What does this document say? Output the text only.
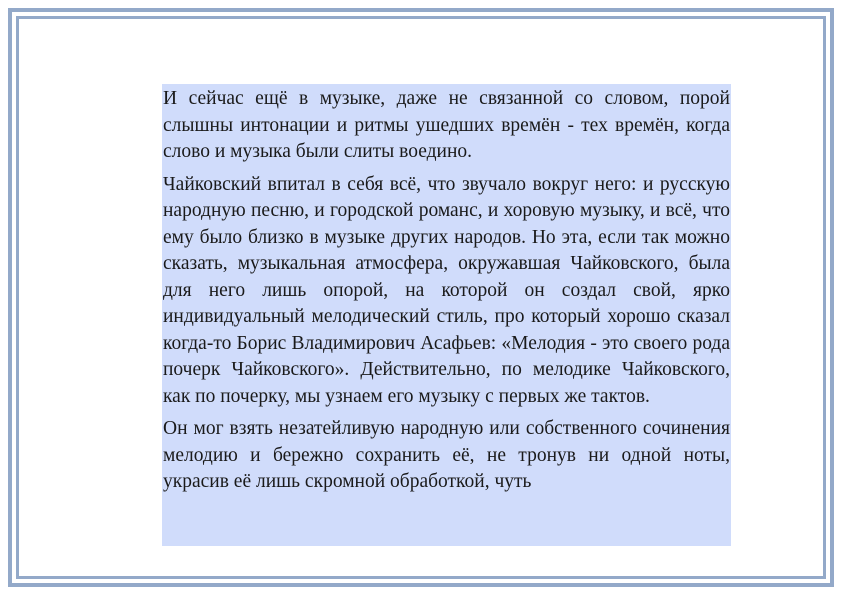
И сейчас ещё в музыке, даже не связанной со словом, порой слышны интонации и ритмы ушедших времён - тех времён, когда слово и музыка были слиты воедино.

Чайковский впитал в себя всё, что звучало вокруг него: и русскую народную песню, и городской романс, и хоровую музыку, и всё, что ему было близко в музыке других народов. Но эта, если так можно сказать, музыкальная атмосфера, окружавшая Чайковского, была для него лишь опорой, на которой он создал свой, ярко индивидуальный мелодический стиль, про который хорошо сказал когда-то Борис Владимирович Асафьев: «Мелодия - это своего рода почерк Чайковского». Действительно, по мелодике Чайковского, как по почерку, мы узнаем его музыку с первых же тактов.

Он мог взять незатейливую народную или собственного сочинения мелодию и бережно сохранить её, не тронув ни одной ноты, украсив её лишь скромной обработкой, чуть
